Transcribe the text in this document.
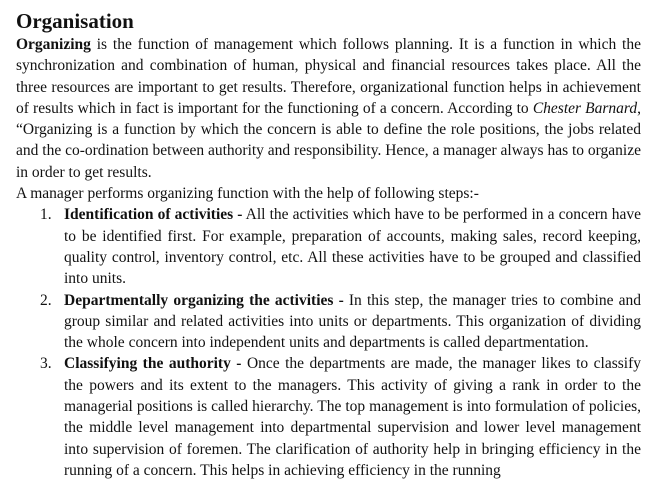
Organisation

Organizing is the function of management which follows planning. It is a function in which the synchronization and combination of human, physical and financial resources takes place. All the three resources are important to get results. Therefore, organizational function helps in achievement of results which in fact is important for the functioning of a concern. According to Chester Barnard, “Organizing is a function by which the concern is able to define the role positions, the jobs related and the co-ordination between authority and responsibility. Hence, a manager always has to organize in order to get results.

A manager performs organizing function with the help of following steps:-

1. Identification of activities - All the activities which have to be performed in a concern have to be identified first. For example, preparation of accounts, making sales, record keeping, quality control, inventory control, etc. All these activities have to be grouped and classified into units.
2. Departmentally organizing the activities - In this step, the manager tries to combine and group similar and related activities into units or departments. This organization of dividing the whole concern into independent units and departments is called departmentation.
3. Classifying the authority - Once the departments are made, the manager likes to classify the powers and its extent to the managers. This activity of giving a rank in order to the managerial positions is called hierarchy. The top management is into formulation of policies, the middle level management into departmental supervision and lower level management into supervision of foremen. The clarification of authority help in bringing efficiency in the running of a concern. This helps in achieving efficiency in the running
